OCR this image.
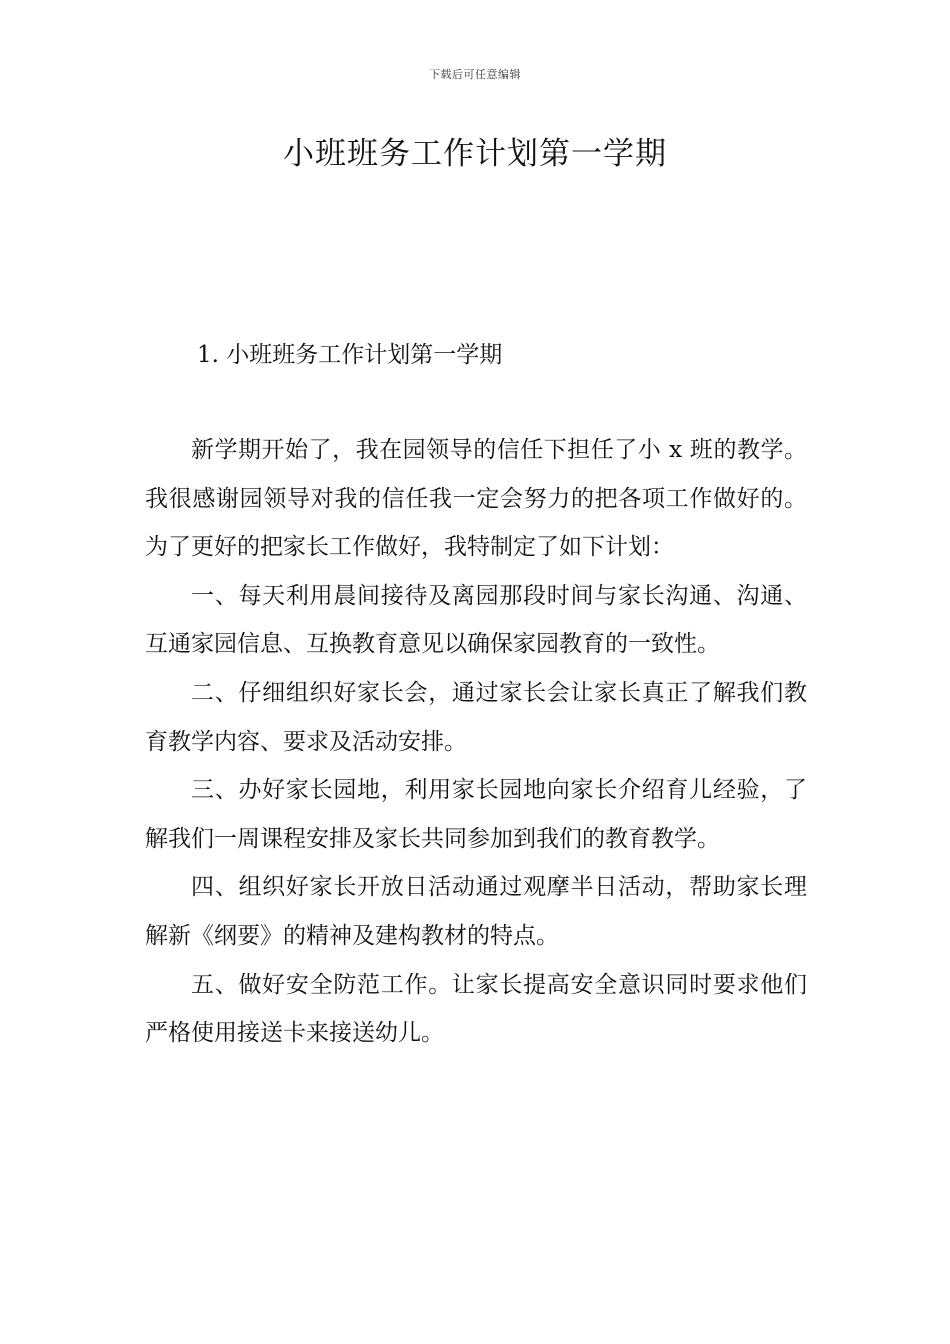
下载后可任意编辑
小班班务工作计划第一学期
1. 小班班务工作计划第一学期

新学期开始了，我在园领导的信任下担任了小 x 班的教学。我很感谢园领导对我的信任我一定会努力的把各项工作做好的。为了更好的把家长工作做好，我特制定了如下计划：

一、每天利用晨间接待及离园那段时间与家长沟通、沟通、互通家园信息、互换教育意见以确保家园教育的一致性。

二、仔细组织好家长会，通过家长会让家长真正了解我们教育教学内容、要求及活动安排。

三、办好家长园地，利用家长园地向家长介绍育儿经验，了解我们一周课程安排及家长共同参加到我们的教育教学。

四、组织好家长开放日活动通过观摩半日活动，帮助家长理解新《纲要》的精神及建构教材的特点。

五、做好安全防范工作。让家长提高安全意识同时要求他们严格使用接送卡来接送幼儿。
